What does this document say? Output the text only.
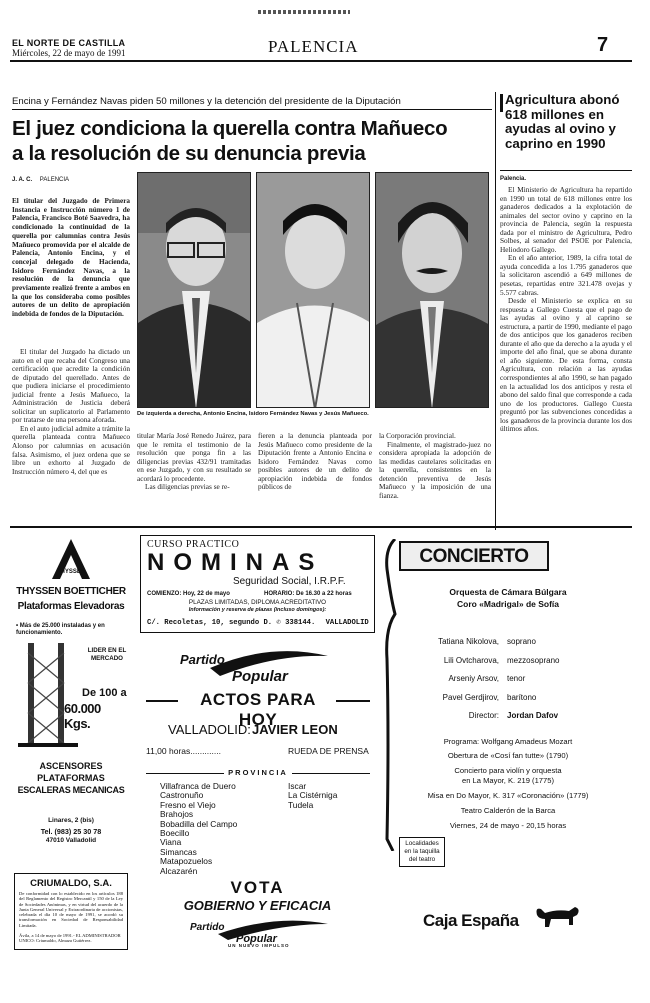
EL NORTE DE CASTILLA
Miércoles, 22 de mayo de 1991	PALENCIA	7
Encina y Fernández Navas piden 50 millones y la detención del presidente de la Diputación
El juez condiciona la querella contra Mañueco
a la resolución de su denuncia previa
J. A. C. PALENCIA
El titular del Juzgado de Primera Instancia e Instrucción número 1 de Palencia, Francisco Boté Saavedra, ha condicionado la continuidad de la querella por calumnias contra Jesús Mañueco promovida por el alcalde de Palencia, Antonio Encina, y el concejal delegado de Hacienda, Isidoro Fernández Navas, a la resolución de la denuncia que previamente realizó frente a ambos en la que los consideraba como posibles autores de un delito de apropiación indebida de fondos de la Diputación.

El titular del Juzgado ha dictado un auto en el que recaba del Congreso una certificación que acredite la condición de diputado del querellado. Antes de que pudiera iniciarse el procedimiento judicial frente a Jesús Mañueco, la Administración de Justicia deberá solicitar un suplicatorio al Parlamento por tratarse de una persona aforada.

En el auto judicial admite a trámite la querella planteada contra Mañueco Alonso por calumnias en acusación falsa. Asimismo, el juez ordena que se libre un exhorto al Juzgado de Instrucción número 4, del que es

De izquierda a derecha, Antonio Encina, Isidoro Fernández Navas y Jesús Mañueco.

titular María José Renedo Juárez, para que le remita el testimonio de la resolución que ponga fin a las diligencias previas 432/91 tramitadas en ese Juzgado, y con su resultado se acordará lo procedente.

Las diligencias previas se re-

fieren a la denuncia planteada por Jesús Mañueco como presidente de la Diputación frente a Antonio Encina e Isidoro Fernández Navas como posibles autores de un delito de apropiación indebida de fondos públicos de

la Corporación provincial.

Finalmente, el magistrado-juez no considera apropiada la adopción de las medidas cautelares solicitadas en la querella, consistentes en la detención preventiva de Jesús Mañueco y la imposición de una fianza.

Agricultura abonó 618 millones en ayudas al ovino y caprino en 1990
Palencia.

El Ministerio de Agricultura ha repartido en 1990 un total de 618 millones entre los ganaderos dedicados a la explotación de animales del sector ovino y caprino en la provincia de Palencia, según la respuesta dada por el ministro de Agricultura, Pedro Solbes, al senador del PSOE por Palencia, Heliodoro Gallego.

En el año anterior, 1989, la cifra total de ayuda concedida a los 1.795 ganaderos que la solicitaron ascendió a 649 millones de pesetas, repartidas entre 321.478 ovejas y 5.577 cabras.

Desde el Ministerio se explica en su respuesta a Gallego Cuesta que el pago de las ayudas al ovino y al caprino se estructura, a partir de 1990, mediante el pago de dos anticipos que los ganaderos reciben durante el año que da derecho a la ayuda y el importe del año final, que se abona durante el año siguiente. De esta forma, consta Agricultura, con relación a las ayudas correspondientes al año 1990, se han pagado en la actualidad los dos anticipos y resta el abono del saldo final que corresponde a cada uno de los productores. Gallego Cuesta preguntó por las subvenciones concedidas a los ganaderos de la provincia durante los dos últimos años.

THYSSEN
THYSSEN BOETTICHER
Plataformas Elevadoras
• Más de 25.000 instaladas y en funcionamiento.
LIDER EN EL MERCADO
De 100 a
60.000 Kgs.
ASCENSORES
PLATAFORMAS
ESCALERAS MECANICAS
Linares, 2 (bis)
Tel. (983) 25 30 78
47010 Valladolid
CRIUMALDO, S.A.
De conformidad con lo establecido en los artículos 188 del Reglamento del Registro Mercantil y 150 de la Ley de Sociedades Anónimas, y en virtud del acuerdo de la Junta General Universal y Extraordinaria de accionistas, celebrada el día 10 de mayo de 1991, se acordó su transformación en Sociedad de Responsabilidad Limitada.
Ávila, a 14 de mayo de 1991.- EL ADMINISTRADOR UNICO: Criumaldo, Almaza Gutiérrez.
CURSO PRACTICO
NOMINAS
Seguridad Social, I.R.P.F.
COMIENZO: Hoy, 22 de mayo	HORARIO: De 16.30 a 22 horas
PLAZAS LIMITADAS, DIPLOMA ACREDITATIVO
Información y reserva de plazas (incluso domingos):
C/. Recoletas, 10, segundo D. ✆ 338144. VALLADOLID
Partido
Popular
ACTOS PARA HOY
VALLADOLID: JAVIER LEON
11,00 horas.............	RUEDA DE PRENSA
PROVINCIA
Villafranca de Duero
Castronuño
Fresno el Viejo
Brahojos
Bobadilla del Campo
Boecillo
Viana
Simancas
Matapozuelos
Alcazarén
Iscar
La Cistérniga
Tudela
VOTA
GOBIERNO Y EFICACIA
Partido
Popular
UN NUEVO IMPULSO
CONCIERTO
Orquesta de Cámara Búlgara
Coro «Madrigal» de Sofía
Tatiana Nikolova,	soprano
Lili Ovtcharova,	mezzosoprano
Arseniy Arsov,	tenor
Pavel Gerdjirov,	barítono
Director:	Jordan Dafov
Programa: Wolfgang Amadeus Mozart
Obertura de «Cosí fan tutte» (1790)
Concierto para violín y orquesta
en La Mayor, K. 219 (1775)
Misa en Do Mayor, K. 317 «Coronación» (1779)
Teatro Calderón de la Barca
Viernes, 24 de mayo - 20,15 horas
Localidades en la taquilla del teatro
Caja España
